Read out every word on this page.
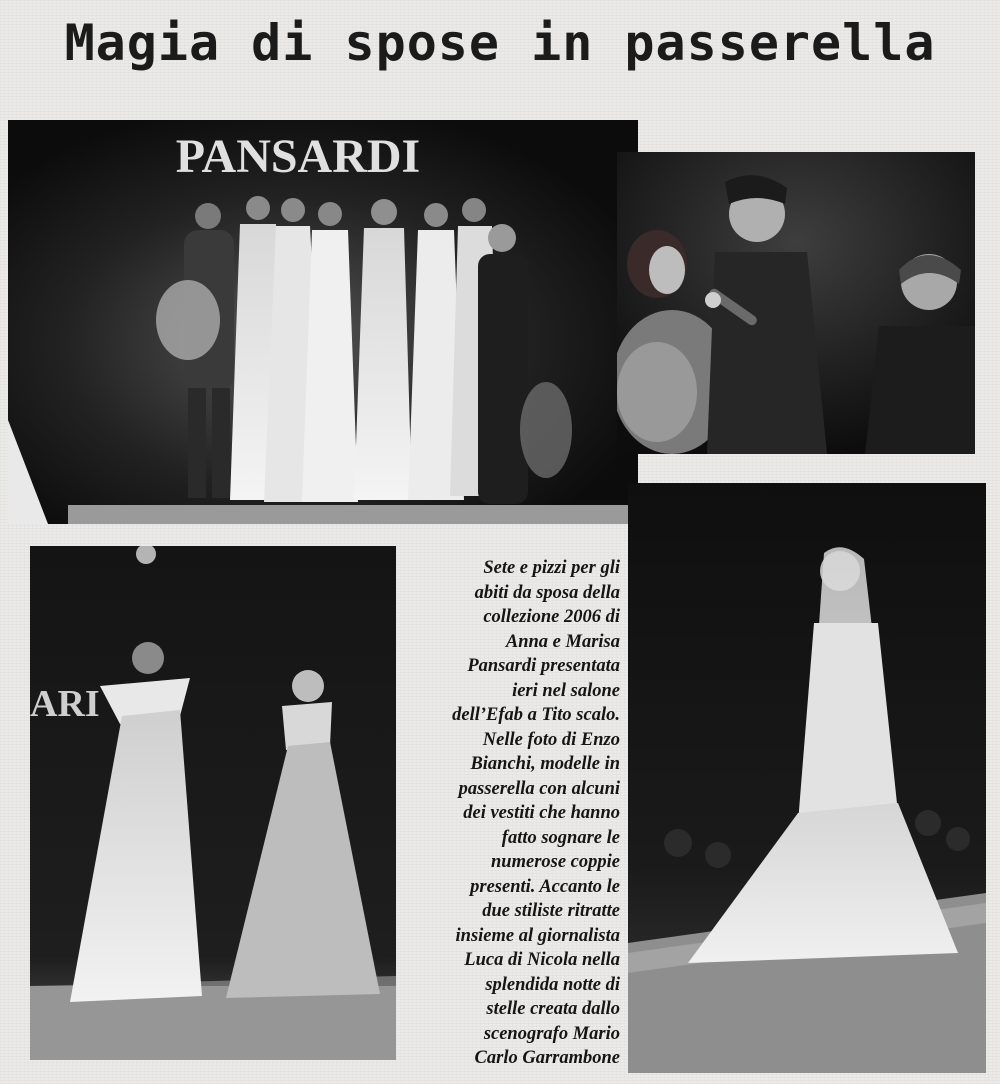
Magia di spose in passerella
PANSARDI
ARI

Sete e pizzi per gli
abiti da sposa della
collezione 2006 di
Anna e Marisa
Pansardi presentata
ieri nel salone
dell’Efab a Tito scalo.
Nelle foto di Enzo
Bianchi, modelle in
passerella con alcuni
dei vestiti che hanno
fatto sognare le
numerose coppie
presenti. Accanto le
due stiliste ritratte
insieme al giornalista
Luca di Nicola nella
splendida notte di
stelle creata dallo
scenografo Mario
Carlo Garrambone
